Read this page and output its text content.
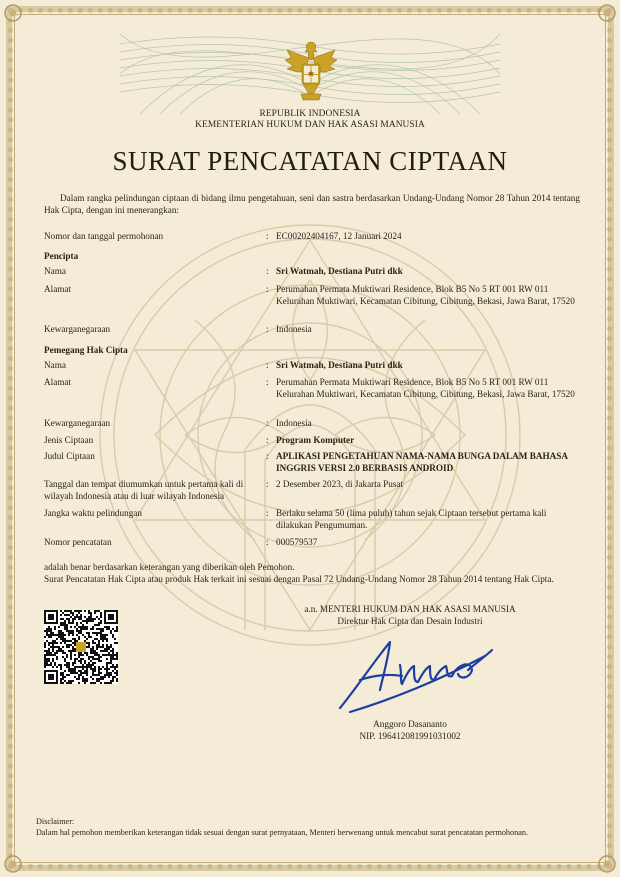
REPUBLIK INDONESIA
KEMENTERIAN HUKUM DAN HAK ASASI MANUSIA
SURAT PENCATATAN CIPTAAN
Dalam rangka pelindungan ciptaan di bidang ilmu pengetahuan, seni dan sastra berdasarkan Undang-Undang Nomor 28 Tahun 2014 tentang Hak Cipta, dengan ini menerangkan:
Nomor dan tanggal permohonan	: EC00202404167, 12 Januari 2024
Pencipta
Nama	: Sri Watmah, Destiana Putri dkk
Alamat	: Perumahan Permata Muktiwari Residence, Blok B5 No 5 RT 001 RW 011 Kelurahan Muktiwari, Kecamatan Cibitung, Cibitung, Bekasi, Jawa Barat, 17520
Kewarganegaraan	: Indonesia
Pemegang Hak Cipta
Nama	: Sri Watmah, Destiana Putri dkk
Alamat	: Perumahan Permata Muktiwari Residence, Blok B5 No 5 RT 001 RW 011 Kelurahan Muktiwari, Kecamatan Cibitung, Cibitung, Bekasi, Jawa Barat, 17520
Kewarganegaraan	: Indonesia
Jenis Ciptaan	: Program Komputer
Judul Ciptaan	: APLIKASI PENGETAHUAN NAMA-NAMA BUNGA DALAM BAHASA INGGRIS VERSI 2.0 BERBASIS ANDROID
Tanggal dan tempat diumumkan untuk pertama kali di wilayah Indonesia atau di luar wilayah Indonesia
: 2 Desember 2023, di Jakarta Pusat
Jangka waktu pelindungan	: Berlaku selama 50 (lima puluh) tahun sejak Ciptaan tersebut pertama kali dilakukan Pengumuman.
Nomor pencatatan	: 000579537
adalah benar berdasarkan keterangan yang diberikan oleh Pemohon.
Surat Pencatatan Hak Cipta atau produk Hak terkait ini sesuai dengan Pasal 72 Undang-Undang Nomor 28 Tahun 2014 tentang Hak Cipta.
a.n. MENTERI HUKUM DAN HAK ASASI MANUSIA
Direktur Hak Cipta dan Desain Industri
Anggoro Dasananto
NIP. 196412081991031002
Disclaimer:
Dalam hal pemohon memberikan keterangan tidak sesuai dengan surat pernyataan, Menteri berwenang untuk mencabut surat pencatatan permohonan.
